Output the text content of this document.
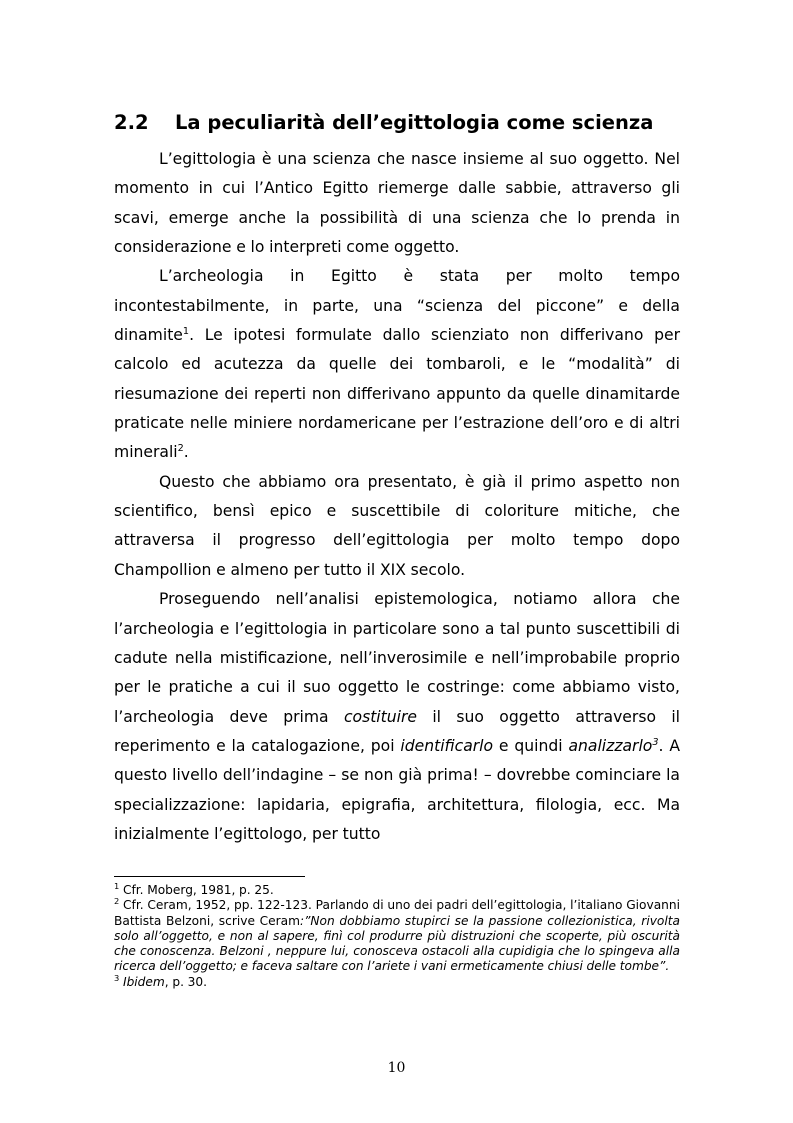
2.2 La peculiarità dell’egittologia come scienza

L’egittologia è una scienza che nasce insieme al suo oggetto. Nel momento in cui l’Antico Egitto riemerge dalle sabbie, attraverso gli scavi, emerge anche la possibilità di una scienza che lo prenda in considerazione e lo interpreti come oggetto.

L’archeologia in Egitto è stata per molto tempo incontestabilmente, in parte, una “scienza del piccone” e della dinamite$^1$. Le ipotesi formulate dallo scienziato non differivano per calcolo ed acutezza da quelle dei tombaroli, e le “modalità” di riesumazione dei reperti non differivano appunto da quelle dinamitarde praticate nelle miniere nordamericane per l’estrazione dell’oro e di altri minerali$^2$.

Questo che abbiamo ora presentato, è già il primo aspetto non scientifico, bensì epico e suscettibile di coloriture mitiche, che attraversa il progresso dell’egittologia per molto tempo dopo Champollion e almeno per tutto il XIX secolo.

Proseguendo nell’analisi epistemologica, notiamo allora che l’archeologia e l’egittologia in particolare sono a tal punto suscettibili di cadute nella mistificazione, nell’inverosimile e nell’improbabile proprio per le pratiche a cui il suo oggetto le costringe: come abbiamo visto, l’archeologia deve prima costituire il suo oggetto attraverso il reperimento e la catalogazione, poi identificarlo e quindi analizzarlo$^3$. A questo livello dell’indagine – se non già prima! – dovrebbe cominciare la specializzazione: lapidaria, epigrafia, architettura, filologia, ecc. Ma inizialmente l’egittologo, per tutto

$^1$ Cfr. Moberg, 1981, p. 25.

$^2$ Cfr. Ceram, 1952, pp. 122-123. Parlando di uno dei padri dell’egittologia, l’italiano Giovanni Battista Belzoni, scrive Ceram:”Non dobbiamo stupirci se la passione collezionistica, rivolta solo all’oggetto, e non al sapere, finì col produrre più distruzioni che scoperte, più oscurità che conoscenza. Belzoni , neppure lui, conosceva ostacoli alla cupidigia che lo spingeva alla ricerca dell’oggetto; e faceva saltare con l’ariete i vani ermeticamente chiusi delle tombe”.

$^3$ Ibidem, p. 30.

10
